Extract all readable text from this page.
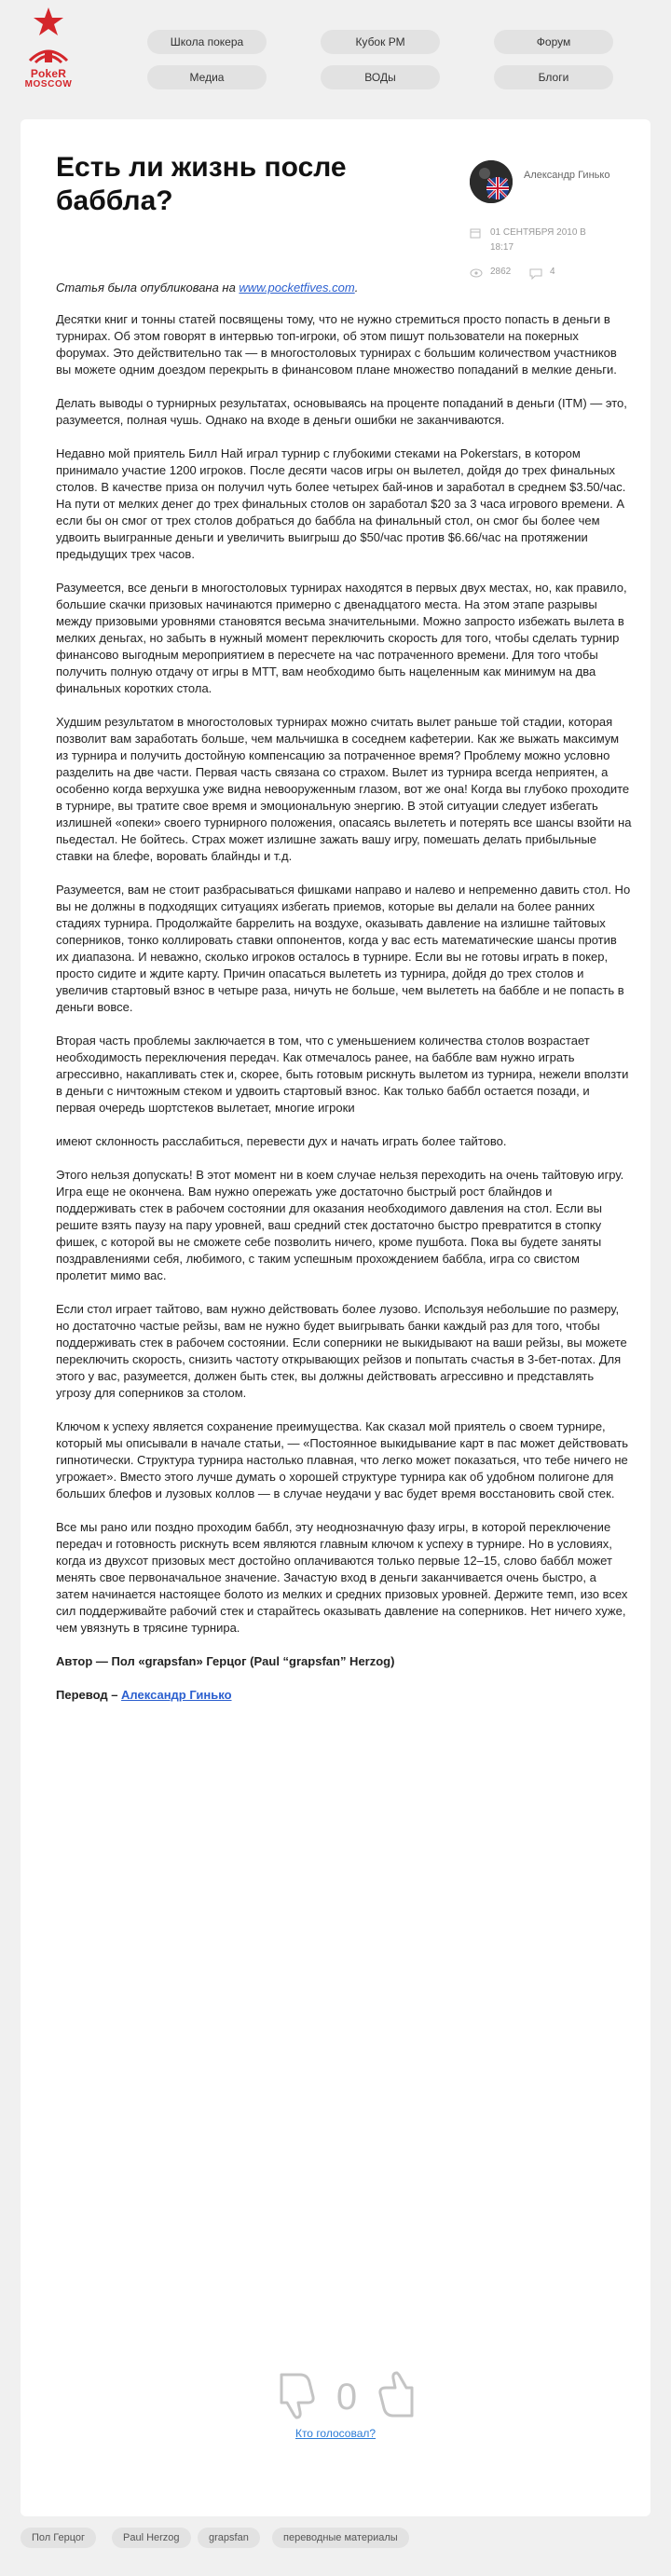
PokeR
MOSCOW
Школа покера	Кубок РМ	Форум
Медиа	ВОДы	Блоги
Есть ли жизнь после баббла?
Александр Гинько
01 СЕНТЯБРЯ 2010 В 18:17
2862	4

Статья была опубликована на www.pocketfives.com.

Десятки книг и тонны статей посвящены тому, что не нужно стремиться просто попасть в деньги в турнирах. Об этом говорят в интервью топ-игроки, об этом пишут пользователи на покерных форумах. Это действительно так — в многостоловых турнирах с большим количеством участников вы можете одним доездом перекрыть в финансовом плане множество попаданий в мелкие деньги.

Делать выводы о турнирных результатах, основываясь на проценте попаданий в деньги (ITM) — это, разумеется, полная чушь. Однако на входе в деньги ошибки не заканчиваются.

Недавно мой приятель Билл Най играл турнир с глубокими стеками на Pokerstars, в котором принимало участие 1200 игроков. После десяти часов игры он вылетел, дойдя до трех финальных столов. В качестве приза он получил чуть более четырех бай-инов и заработал в среднем $3.50/час. На пути от мелких денег до трех финальных столов он заработал $20 за 3 часа игрового времени. А если бы он смог от трех столов добраться до баббла на финальный стол, он смог бы более чем удвоить выигранные деньги и увеличить выигрыш до $50/час против $6.66/час на протяжении предыдущих трех часов.

Разумеется, все деньги в многостоловых турнирах находятся в первых двух местах, но, как правило, большие скачки призовых начинаются примерно с двенадцатого места. На этом этапе разрывы между призовыми уровнями становятся весьма значительными. Можно запросто избежать вылета в мелких деньгах, но забыть в нужный момент переключить скорость для того, чтобы сделать турнир финансово выгодным мероприятием в пересчете на час потраченного времени. Для того чтобы получить полную отдачу от игры в МТТ, вам необходимо быть нацеленным как минимум на два финальных коротких стола.

Худшим результатом в многостоловых турнирах можно считать вылет раньше той стадии, которая позволит вам заработать больше, чем мальчишка в соседнем кафетерии. Как же выжать максимум из турнира и получить достойную компенсацию за потраченное время? Проблему можно условно разделить на две части. Первая часть связана со страхом. Вылет из турнира всегда неприятен, а особенно когда верхушка уже видна невооруженным глазом, вот же она! Когда вы глубоко проходите в турнире, вы тратите свое время и эмоциональную энергию. В этой ситуации следует избегать излишней «опеки» своего турнирного положения, опасаясь вылететь и потерять все шансы взойти на пьедестал. Не бойтесь. Страх может излишне зажать вашу игру, помешать делать прибыльные ставки на блефе, воровать блайнды и т.д.

Разумеется, вам не стоит разбрасываться фишками направо и налево и непременно давить стол. Но вы не должны в подходящих ситуациях избегать приемов, которые вы делали на более ранних стадиях турнира. Продолжайте баррелить на воздухе, оказывать давление на излишне тайтовых соперников, тонко коллировать ставки оппонентов, когда у вас есть математические шансы против их диапазона. И неважно, сколько игроков осталось в турнире. Если вы не готовы играть в покер, просто сидите и ждите карту. Причин опасаться вылететь из турнира, дойдя до трех столов и увеличив стартовый взнос в четыре раза, ничуть не больше, чем вылететь на баббле и не попасть в деньги вовсе.

Вторая часть проблемы заключается в том, что с уменьшением количества столов возрастает необходимость переключения передач. Как отмечалось ранее, на баббле вам нужно играть агрессивно, накапливать стек и, скорее, быть готовым рискнуть вылетом из турнира, нежели вползти в деньги с ничтожным стеком и удвоить стартовый взнос. Как только баббл остается позади, и первая очередь шортстеков вылетает, многие игроки

имеют склонность расслабиться, перевести дух и начать играть более тайтово.

Этого нельзя допускать! В этот момент ни в коем случае нельзя переходить на очень тайтовую игру. Игра еще не окончена. Вам нужно опережать уже достаточно быстрый рост блайндов и поддерживать стек в рабочем состоянии для оказания необходимого давления на стол. Если вы решите взять паузу на пару уровней, ваш средний стек достаточно быстро превратится в стопку фишек, с которой вы не сможете себе позволить ничего, кроме пушбота. Пока вы будете заняты поздравлениями себя, любимого, с таким успешным прохождением баббла, игра со свистом пролетит мимо вас.

Если стол играет тайтово, вам нужно действовать более лузово. Используя небольшие по размеру, но достаточно частые рейзы, вам не нужно будет выигрывать банки каждый раз для того, чтобы поддерживать стек в рабочем состоянии. Если соперники не выкидывают на ваши рейзы, вы можете переключить скорость, снизить частоту открывающих рейзов и попытать счастья в 3-бет-потах. Для этого у вас, разумеется, должен быть стек, вы должны действовать агрессивно и представлять угрозу для соперников за столом.

Ключом к успеху является сохранение преимущества. Как сказал мой приятель о своем турнире, который мы описывали в начале статьи, — «Постоянное выкидывание карт в пас может действовать гипнотически. Структура турнира настолько плавная, что легко может показаться, что тебе ничего не угрожает». Вместо этого лучше думать о хорошей структуре турнира как об удобном полигоне для больших блефов и лузовых коллов — в случае неудачи у вас будет время восстановить свой стек.

Все мы рано или поздно проходим баббл, эту неоднозначную фазу игры, в которой переключение передач и готовность рискнуть всем являются главным ключом к успеху в турнире. Но в условиях, когда из двухсот призовых мест достойно оплачиваются только первые 12–15, слово баббл может менять свое первоначальное значение. Зачастую вход в деньги заканчивается очень быстро, а затем начинается настоящее болото из мелких и средних призовых уровней. Держите темп, изо всех сил поддерживайте рабочий стек и старайтесь оказывать давление на соперников. Нет ничего хуже, чем увязнуть в трясине турнира.

Автор — Пол «grapsfan» Герцог (Paul “grapsfan” Herzog)

Перевод – Александр Гинько

0
Кто голосовал?
Пол Герцог	Paul Herzog	grapsfan	переводные материалы
